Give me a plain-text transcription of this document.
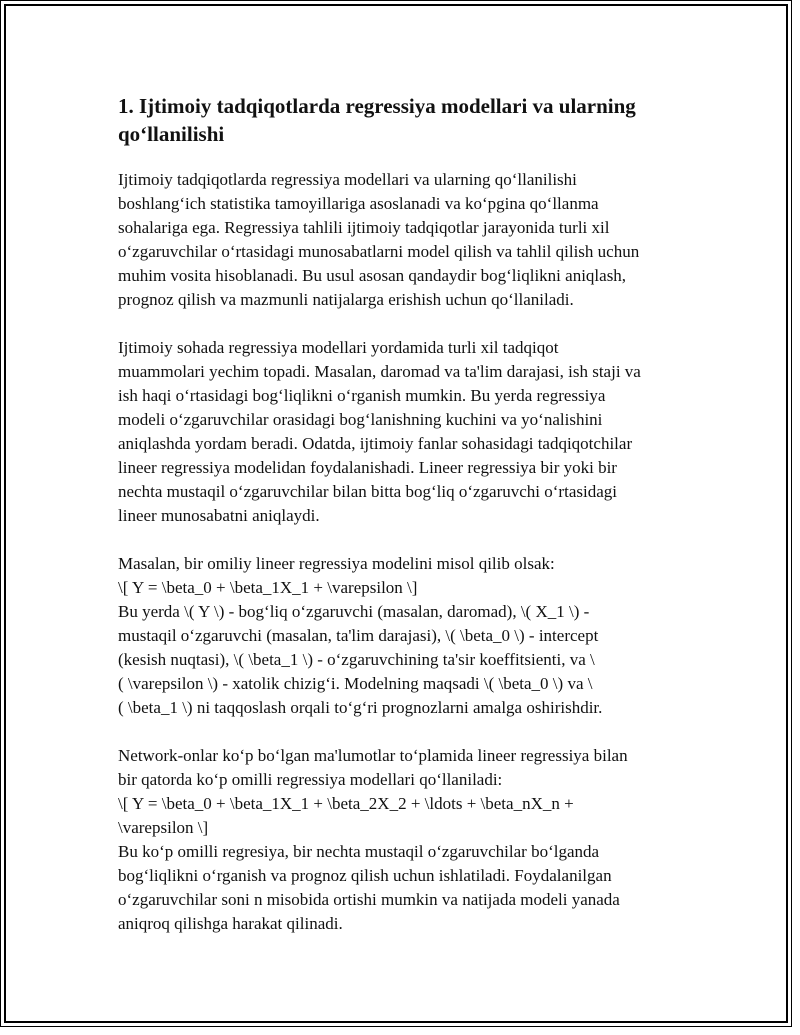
1. Ijtimoiy tadqiqotlarda regressiya modellari va ularning
qo‘llanilishi

Ijtimoiy tadqiqotlarda regressiya modellari va ularning qo‘llanilishi
boshlang‘ich statistika tamoyillariga asoslanadi va ko‘pgina qo‘llanma
sohalariga ega. Regressiya tahlili ijtimoiy tadqiqotlar jarayonida turli xil
o‘zgaruvchilar o‘rtasidagi munosabatlarni model qilish va tahlil qilish uchun
muhim vosita hisoblanadi. Bu usul asosan qandaydir bog‘liqlikni aniqlash,
prognoz qilish va mazmunli natijalarga erishish uchun qo‘llaniladi.

Ijtimoiy sohada regressiya modellari yordamida turli xil tadqiqot
muammolari yechim topadi. Masalan, daromad va ta'lim darajasi, ish staji va
ish haqi o‘rtasidagi bog‘liqlikni o‘rganish mumkin. Bu yerda regressiya
modeli o‘zgaruvchilar orasidagi bog‘lanishning kuchini va yo‘nalishini
aniqlashda yordam beradi. Odatda, ijtimoiy fanlar sohasidagi tadqiqotchilar
lineer regressiya modelidan foydalanishadi. Lineer regressiya bir yoki bir
nechta mustaqil o‘zgaruvchilar bilan bitta bog‘liq o‘zgaruvchi o‘rtasidagi
lineer munosabatni aniqlaydi.

Masalan, bir omiliy lineer regressiya modelini misol qilib olsak:
\[ Y = \beta_0 + \beta_1X_1 + \varepsilon \]
Bu yerda \( Y \) - bog‘liq o‘zgaruvchi (masalan, daromad), \( X_1 \) -
mustaqil o‘zgaruvchi (masalan, ta'lim darajasi), \( \beta_0 \) - intercept
(kesish nuqtasi), \( \beta_1 \) - o‘zgaruvchining ta'sir koeffitsienti, va \
( \varepsilon \) - xatolik chizig‘i. Modelning maqsadi \( \beta_0 \) va \
( \beta_1 \) ni taqqoslash orqali to‘g‘ri prognozlarni amalga oshirishdir.

Network-onlar ko‘p bo‘lgan ma'lumotlar to‘plamida lineer regressiya bilan
bir qatorda ko‘p omilli regressiya modellari qo‘llaniladi:
\[ Y = \beta_0 + \beta_1X_1 + \beta_2X_2 + \ldots + \beta_nX_n +
\varepsilon \]
Bu ko‘p omilli regresiya, bir nechta mustaqil o‘zgaruvchilar bo‘lganda
bog‘liqlikni o‘rganish va prognoz qilish uchun ishlatiladi. Foydalanilgan
o‘zgaruvchilar soni n misobida ortishi mumkin va natijada modeli yanada
aniqroq qilishga harakat qilinadi.
